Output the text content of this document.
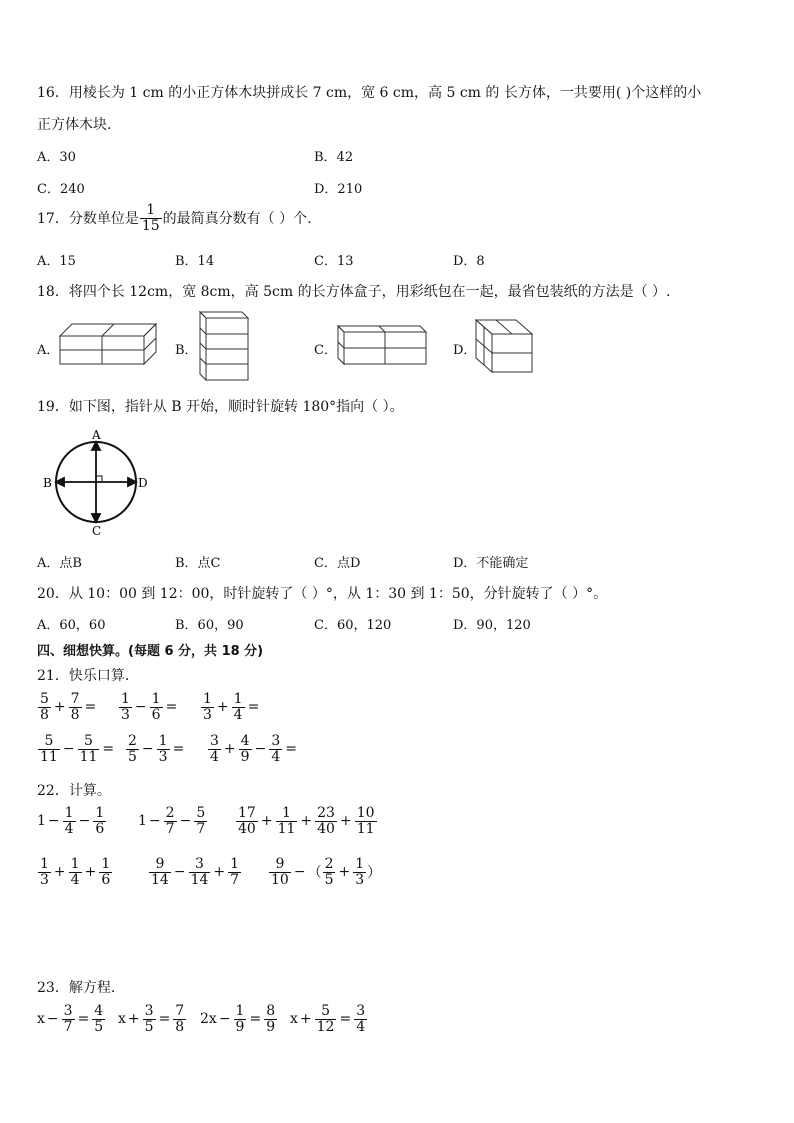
16．用棱长为 1 cm 的小正方体木块拼成长 7 cm，宽 6 cm，高 5 cm 的 长方体，一共要用( )个这样的小
正方体木块.
A．30	B．42
C．240	D．210
17．分数单位是 $\frac{1}{15}$ 的最简真分数有（ ）个.
A．15	B．14	C．13	D．8
18．将四个长 12cm，宽 8cm，高 5cm 的长方体盒子，用彩纸包在一起，最省包装纸的方法是（ ）.
A．	B．	C．	D．
19．如下图，指针从 B 开始，顺时针旋转 180°指向（ ）。
A
C
B	D
A．点B	B．点C	C．点D	D．不能确定
20．从 10：00 到 12：00，时针旋转了（ ）°，从 1：30 到 1：50，分针旋转了（ ）°。
A．60，60	B．60，90	C．60，120	D．90，120
四、细想快算。(每题 6 分，共 18 分)
21．快乐口算.
$\frac{5}{8} + \frac{7}{8} = \frac{1}{3} - \frac{1}{6} = \frac{1}{3} + \frac{1}{4}$ =
$\frac{5}{11} - \frac{5}{11} = \frac{2}{5} - \frac{1}{3} = \frac{3}{4} + \frac{4}{9} - \frac{3}{4}$ =
22．计算。
$1 - \frac{1}{4} - \frac{1}{6} 1 - \frac{2}{7} - \frac{5}{7} \frac{17}{40} + \frac{1}{11} + \frac{23}{40} + \frac{10}{11}$
$\frac{1}{3} + \frac{1}{4} + \frac{1}{6}$	$\frac{9}{14} - \frac{3}{14} + \frac{1}{7} \frac{9}{10}$ − （ $\frac{2}{5} + \frac{1}{3}$ ）
23．解方程.
$x - \frac{3}{7} = \frac{4}{5}$ $x + \frac{3}{5} = \frac{7}{8} 2x - \frac{1}{9} = \frac{8}{9}$ $x + \frac{5}{12} = \frac{3}{4}$
